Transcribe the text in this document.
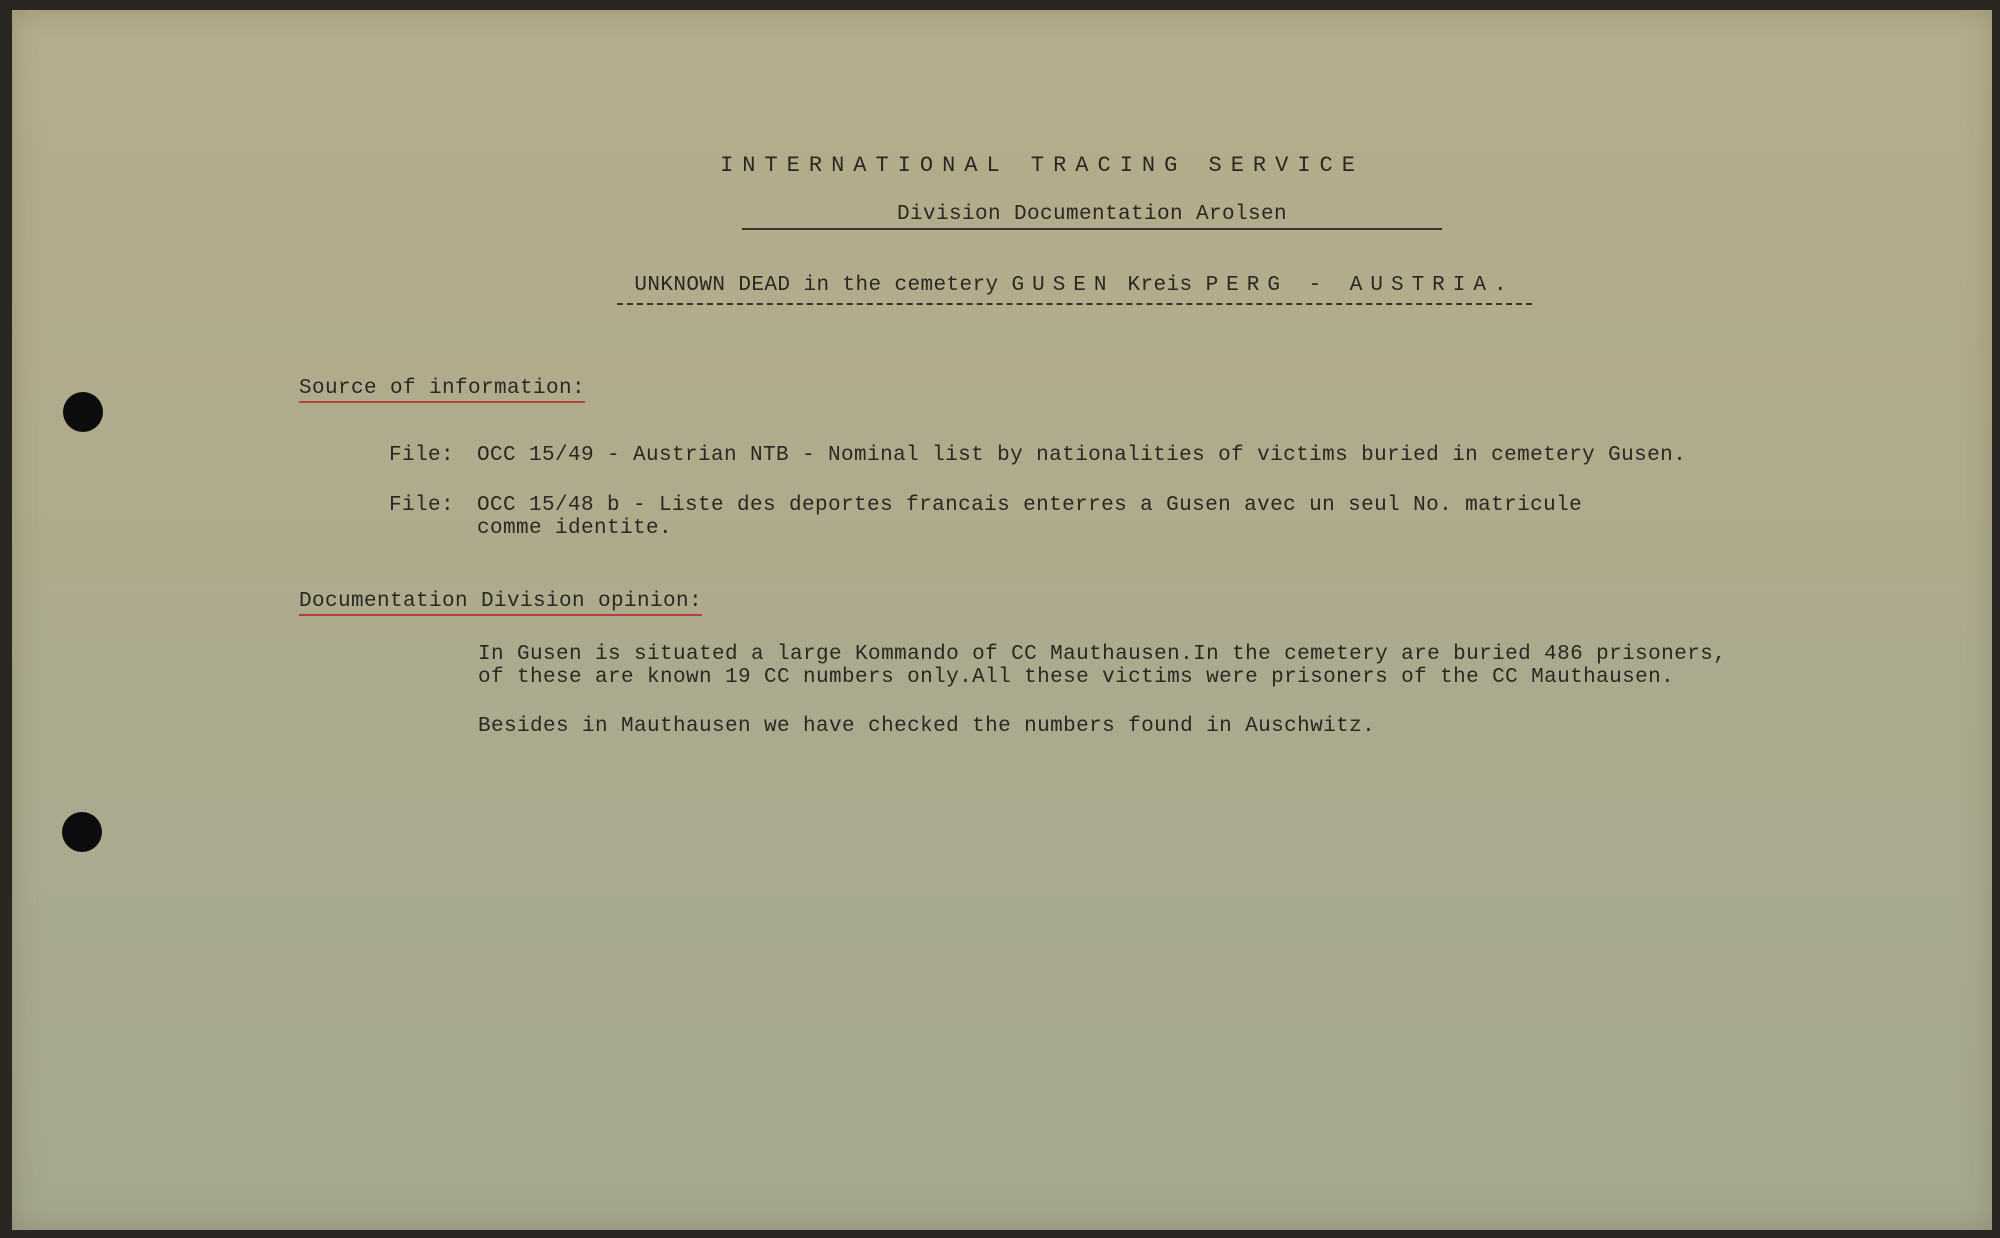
INTERNATIONAL TRACING SERVICE
Division Documentation Arolsen
UNKNOWN DEAD in the cemetery GUSEN Kreis PERG - AUSTRIA.
Source of information:
File: OCC 15/49 - Austrian NTB - Nominal list by nationalities of victims buried in cemetery Gusen.
File:	OCC 15/48 b - Liste des deportes francais enterres a Gusen avec un seul No. matricule comme identite.
Documentation Division opinion:
In Gusen is situated a large Kommando of CC Mauthausen.In the cemetery are buried 486 prisoners, of these are known 19 CC numbers only.All these victims were prisoners of the CC Mauthausen.
Besides in Mauthausen we have checked the numbers found in Auschwitz.
